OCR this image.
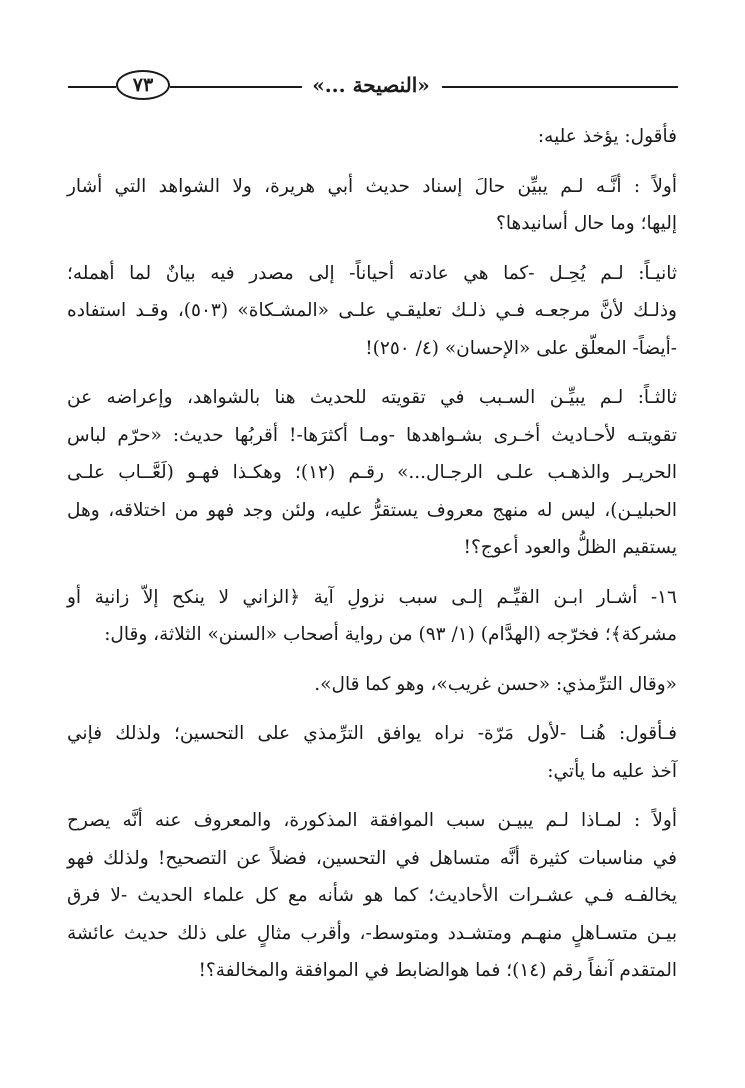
«النصيحة ...»
٧٣

فأقول: يؤخذ عليه:

أولاً : أنَّـه لـم يبيِّن حالَ إسناد حديث أبي هريرة، ولا الشواهد التي أشار
إليها؛ وما حال أسانيدها؟

ثانيـاً: لـم يُحِـل -كما هي عادته أحياناً- إلى مصدر فيه بيانٌ لما أهمله؛
وذلـك لأنَّ مرجعـه فـي ذلـك تعليقـي علـى «المشـكاة» (٥٠٣)، وقـد استفاده
-أيضاً- المعلّق على «الإحسان» (٤/ ٢٥٠)!

ثالثـاً: لـم يبيِّـن السـبب في تقويته للحديث هنا بالشواهد، وإعراضه عن
تقويتـه لأحـاديث أخـرى بشـواهدها -ومـا أكثرَها-! أقربُها حديث: «حرّم لباس
الحريـر والذهـب علـى الرجـال...» رقـم (١٢)؛ وهكـذا فهـو (لَعَّــاب علـى
الحبليـن)، ليس له منهج معروف يستقرُّ عليه، ولئن وجد فهو من اختلاقه، وهل
يستقيم الظلُّ والعود أعوج؟!

١٦- أشـار ابـن القيِّـم إلـى سبب نزولِ آية ﴿الزاني لا ينكح إلاّ زانية أو
مشركة﴾؛ فخرّجه (الهدَّام) (١/ ٩٣) من رواية أصحاب «السنن» الثلاثة، وقال:

«وقال الترِّمذي: «حسن غريب»، وهو كما قال».

فـأقول: هُنـا -لأول مَرّة- نراه يوافق الترِّمذي على التحسين؛ ولذلك فإني
آخذ عليه ما يأتي:

أولاً : لمـاذا لـم يبيـن سبب الموافقة المذكورة، والمعروف عنه أنَّه يصرح
في مناسبات كثيرة أنَّه متساهل في التحسين، فضلاً عن التصحيح! ولذلك فهو
يخالفـه فـي عشـرات الأحاديث؛ كما هو شأنه مع كل علماء الحديث -لا فرق
بيـن متسـاهلٍ منهـم ومتشـدد ومتوسط-، وأقرب مثالٍ على ذلك حديث عائشة
المتقدم آنفاً رقم (١٤)؛ فما هوالضابط في الموافقة والمخالفة؟!
